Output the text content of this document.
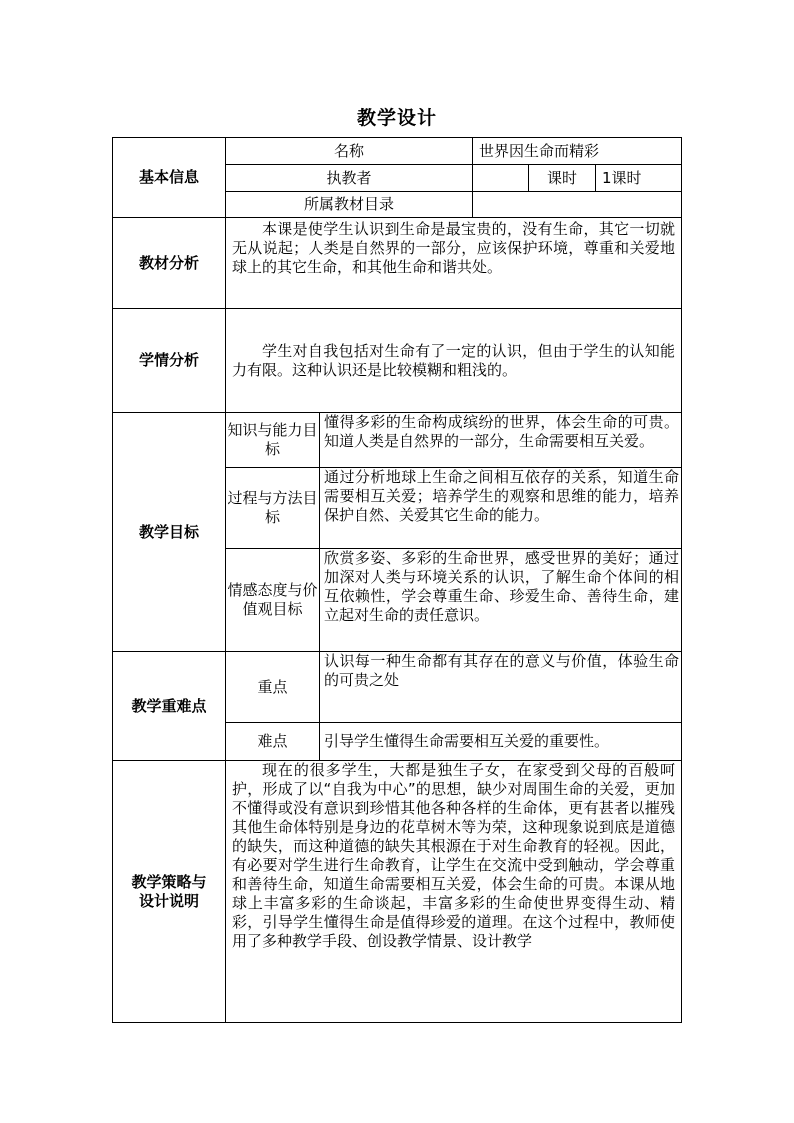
教学设计
基本信息	名称		世界因生命而精彩			
	执教者			课时	1课时	
	所属教材目录					
教材分析	本课是使学生认识到生命是最宝贵的，没有生命，其它一切就无从说起；人类是自然界的一部分，应该保护环境，尊重和关爱地球上的其它生命，和其他生命和谐共处。					
学情分析	学生对自我包括对生命有了一定的认识，但由于学生的认知能力有限。这种认识还是比较模糊和粗浅的。					
教学目标	知识与能力目标	懂得多彩的生命构成缤纷的世界，体会生命的可贵。知道人类是自然界的一部分，生命需要相互关爱。				
	过程与方法目标	通过分析地球上生命之间相互依存的关系，知道生命需要相互关爱；培养学生的观察和思维的能力，培养保护自然、关爱其它生命的能力。				
	情感态度与价值观目标	欣赏多姿、多彩的生命世界，感受世界的美好；通过加深对人类与环境关系的认识，了解生命个体间的相互依赖性，学会尊重生命、珍爱生命、善待生命，建立起对生命的责任意识。				
教学重难点	重点	认识每一种生命都有其存在的意义与价值，体验生命的可贵之处				
	难点	引导学生懂得生命需要相互关爱的重要性。				

教学策略与
设计说明	现在的很多学生，大都是独生子女，在家受到父母的百般呵护，形成了以“自我为中心”的思想，缺少对周围生命的关爱，更加不懂得或没有意识到珍惜其他各种各样的生命体，更有甚者以摧残其他生命体特别是身边的花草树木等为荣，这种现象说到底是道德的缺失，而这种道德的缺失其根源在于对生命教育的轻视。因此，有必要对学生进行生命教育，让学生在交流中受到触动，学会尊重和善待生命，知道生命需要相互关爱，体会生命的可贵。本课从地球上丰富多彩的生命谈起，丰富多彩的生命使世界变得生动、精彩，引导学生懂得生命是值得珍爱的道理。在这个过程中，教师使用了多种教学手段、创设教学情景、设计教学					
